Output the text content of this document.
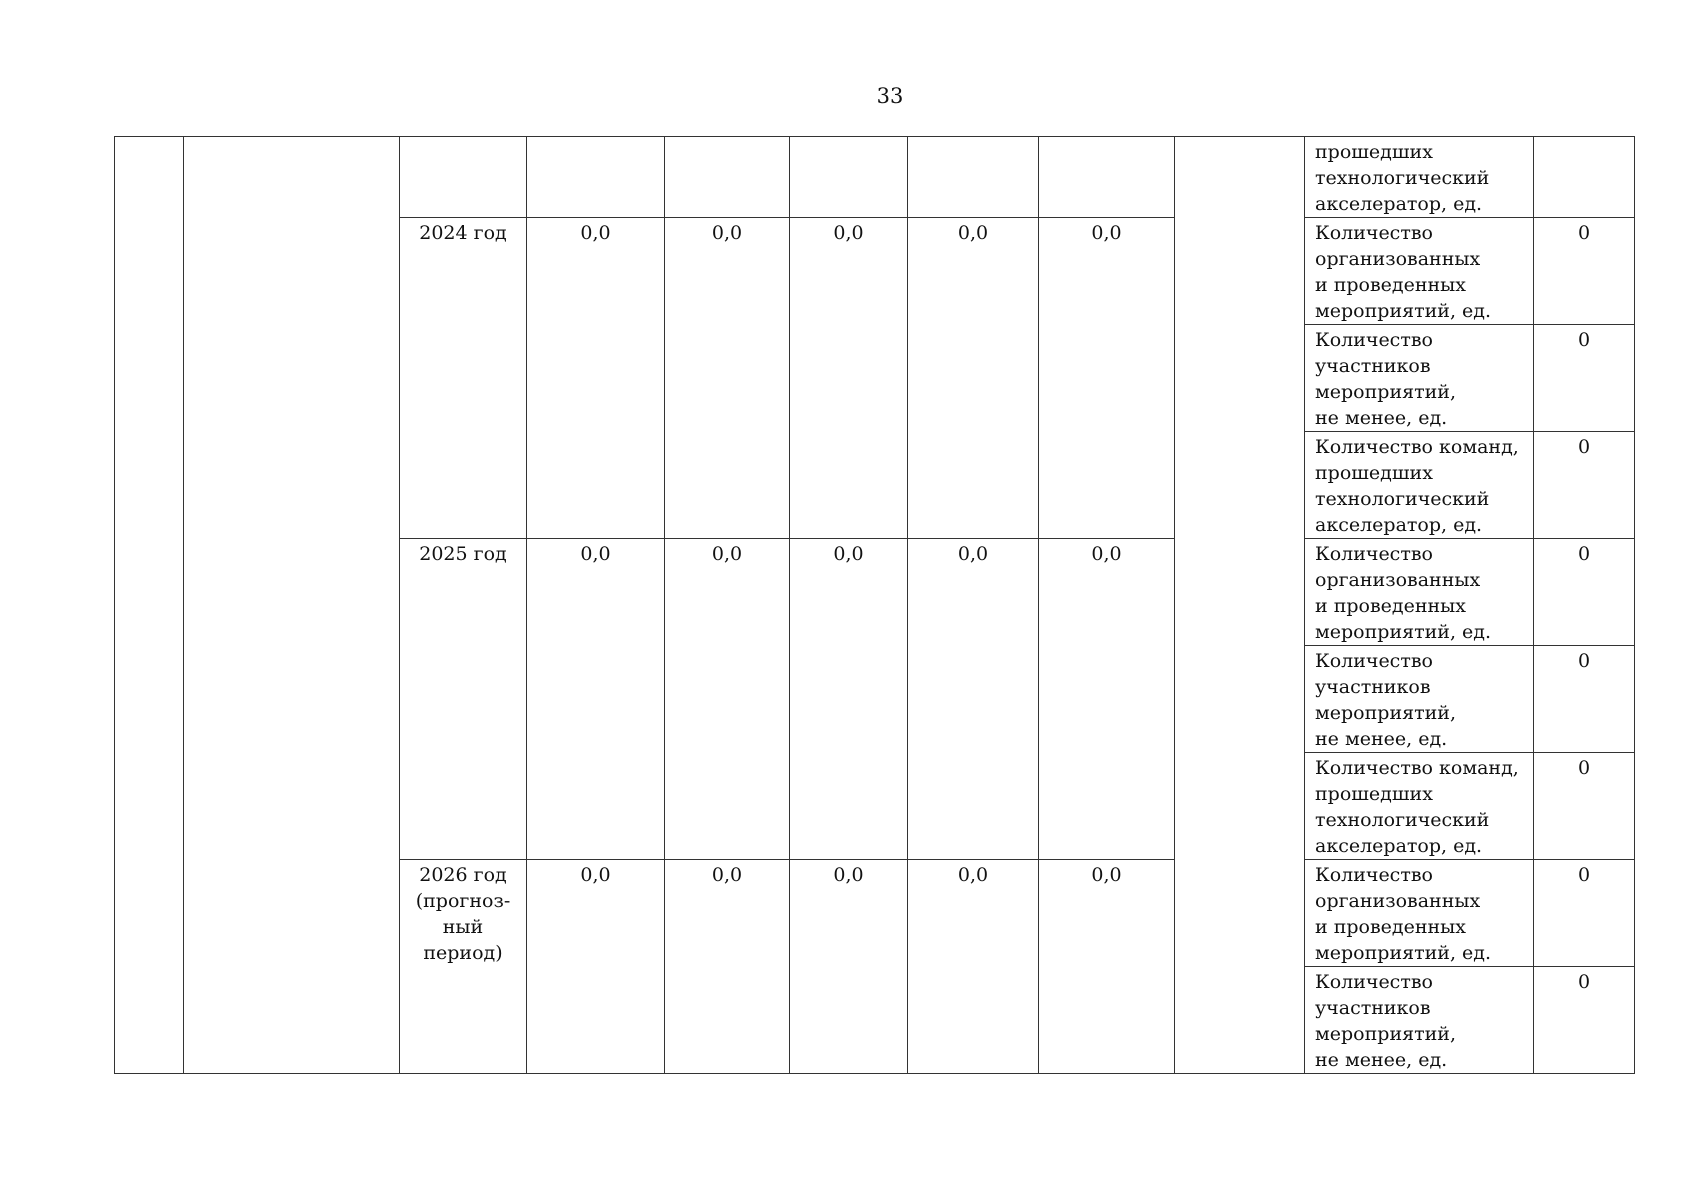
33
									прошедших
технологический
акселератор, ед.	
		2024 год	0,0	0,0	0,0	0,0	0,0		Количество
организованных
и проведенных
мероприятий, ед.	0
									Количество
участников
мероприятий,
не менее, ед.	0
									Количество команд,
прошедших
технологический
акселератор, ед.	0
		2025 год	0,0	0,0	0,0	0,0	0,0		Количество
организованных
и проведенных
мероприятий, ед.	0
									Количество
участников
мероприятий,
не менее, ед.	0
									Количество команд,
прошедших
технологический
акселератор, ед.	0
		2026 год
(прогноз-
ный
период)	0,0	0,0	0,0	0,0	0,0		Количество
организованных
и проведенных
мероприятий, ед.	0
									Количество
участников
мероприятий,
не менее, ед.	0
